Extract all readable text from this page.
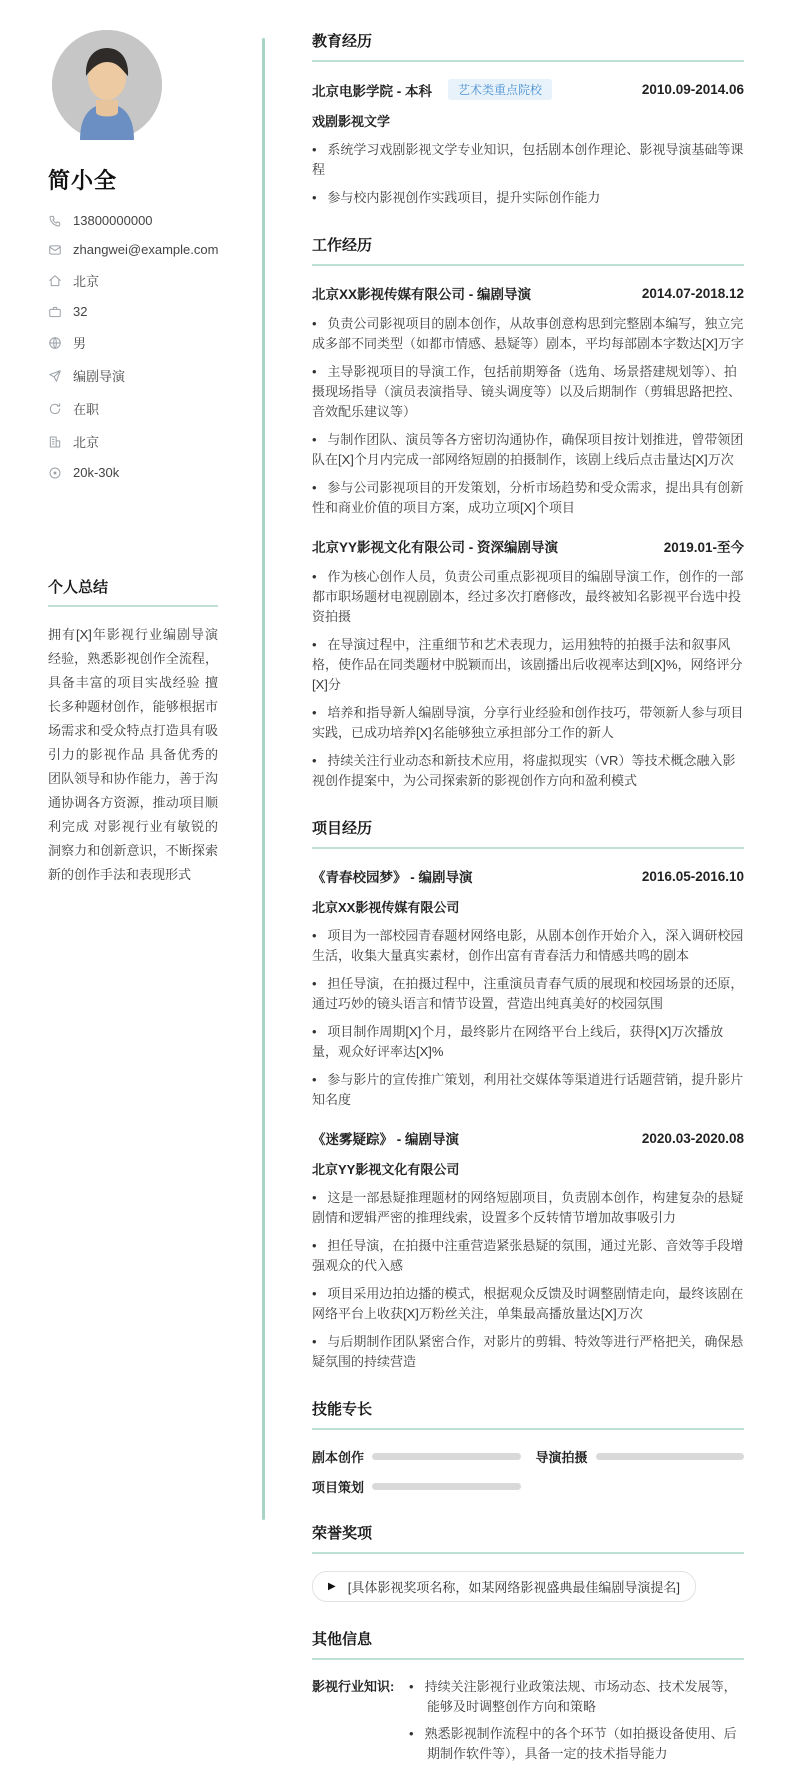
简小全
13800000000
zhangwei@example.com
北京
32
男
编剧导演
在职
北京
20k-30k
个人总结
拥有[X]年影视行业编剧导演经验，熟悉影视创作全流程，具备丰富的项目实战经验 擅长多种题材创作，能够根据市场需求和受众特点打造具有吸引力的影视作品 具备优秀的团队领导和协作能力，善于沟通协调各方资源，推动项目顺利完成 对影视行业有敏锐的洞察力和创新意识，不断探索新的创作手法和表现形式
教育经历
北京电影学院 - 本科	艺术类重点院校	2010.09-2014.06
戏剧影视文学
•   系统学习戏剧影视文学专业知识，包括剧本创作理论、影视导演基础等课程
•   参与校内影视创作实践项目，提升实际创作能力
工作经历
北京XX影视传媒有限公司 - 编剧导演	2014.07-2018.12
•   负责公司影视项目的剧本创作，从故事创意构思到完整剧本编写，独立完成多部不同类型（如都市情感、悬疑等）剧本，平均每部剧本字数达[X]万字
•   主导影视项目的导演工作，包括前期筹备（选角、场景搭建规划等）、拍摄现场指导（演员表演指导、镜头调度等）以及后期制作（剪辑思路把控、音效配乐建议等）
•   与制作团队、演员等各方密切沟通协作，确保项目按计划推进，曾带领团队在[X]个月内完成一部网络短剧的拍摄制作，该剧上线后点击量达[X]万次
•   参与公司影视项目的开发策划，分析市场趋势和受众需求，提出具有创新性和商业价值的项目方案，成功立项[X]个项目
北京YY影视文化有限公司 - 资深编剧导演	2019.01-至今
•   作为核心创作人员，负责公司重点影视项目的编剧导演工作，创作的一部都市职场题材电视剧剧本，经过多次打磨修改，最终被知名影视平台选中投资拍摄
•   在导演过程中，注重细节和艺术表现力，运用独特的拍摄手法和叙事风格，使作品在同类题材中脱颖而出，该剧播出后收视率达到[X]%，网络评分[X]分
•   培养和指导新人编剧导演，分享行业经验和创作技巧，带领新人参与项目实践，已成功培养[X]名能够独立承担部分工作的新人
•   持续关注行业动态和新技术应用，将虚拟现实（VR）等技术概念融入影视创作提案中，为公司探索新的影视创作方向和盈利模式
项目经历
《青春校园梦》 - 编剧导演	2016.05-2016.10
北京XX影视传媒有限公司
•   项目为一部校园青春题材网络电影，从剧本创作开始介入，深入调研校园生活，收集大量真实素材，创作出富有青春活力和情感共鸣的剧本
•   担任导演，在拍摄过程中，注重演员青春气质的展现和校园场景的还原，通过巧妙的镜头语言和情节设置，营造出纯真美好的校园氛围
•   项目制作周期[X]个月，最终影片在网络平台上线后，获得[X]万次播放量，观众好评率达[X]%
•   参与影片的宣传推广策划，利用社交媒体等渠道进行话题营销，提升影片知名度
《迷雾疑踪》 - 编剧导演	2020.03-2020.08
北京YY影视文化有限公司
•   这是一部悬疑推理题材的网络短剧项目，负责剧本创作，构建复杂的悬疑剧情和逻辑严密的推理线索，设置多个反转情节增加故事吸引力
•   担任导演，在拍摄中注重营造紧张悬疑的氛围，通过光影、音效等手段增强观众的代入感
•   项目采用边拍边播的模式，根据观众反馈及时调整剧情走向，最终该剧在网络平台上收获[X]万粉丝关注，单集最高播放量达[X]万次
•   与后期制作团队紧密合作，对影片的剪辑、特效等进行严格把关，确保悬疑氛围的持续营造
技能专长
剧本创作	导演拍摄
项目策划
荣誉奖项
▶ [具体影视奖项名称，如某网络影视盛典最佳编剧导演提名]
其他信息
影视行业知识:	• 持续关注影视行业政策法规、市场动态、技术发展等，能够及时调整创作方向和策略
• 熟悉影视制作流程中的各个环节（如拍摄设备使用、后期制作软件等），具备一定的技术指导能力
